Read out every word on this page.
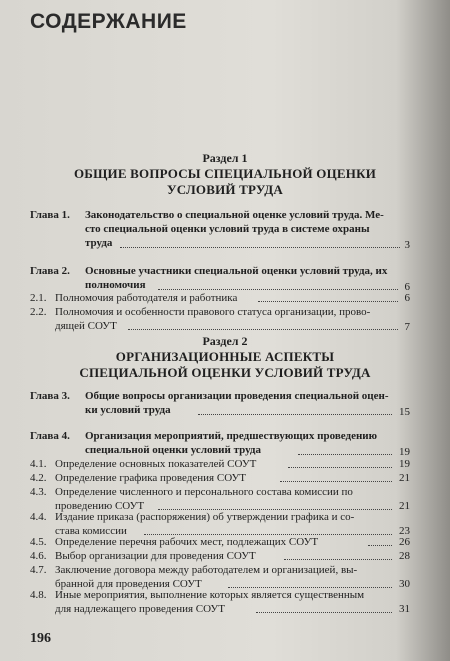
СОДЕРЖАНИЕ
Раздел 1
ОБЩИЕ ВОПРОСЫ СПЕЦИАЛЬНОЙ ОЦЕНКИ
УСЛОВИЙ ТРУДА
Глава 1. Законодательство о специальной оценке условий труда. Ме-
сто специальной оценки условий труда в системе охраны
труда	3
Глава 2. Основные участники специальной оценки условий труда, их
полномочия	6
2.1. Полномочия работодателя и работника	6
2.2. Полномочия и особенности правового статуса организации, прово-
дящей СОУТ	7
Раздел 2
ОРГАНИЗАЦИОННЫЕ АСПЕКТЫ
СПЕЦИАЛЬНОЙ ОЦЕНКИ УСЛОВИЙ ТРУДА
Глава 3. Общие вопросы организации проведения специальной оцен-
ки условий труда	15
Глава 4. Организация мероприятий, предшествующих проведению
специальной оценки условий труда	19
4.1. Определение основных показателей СОУТ	19
4.2. Определение графика проведения СОУТ	21
4.3. Определение численного и персонального состава комиссии по
проведению СОУТ	21
4.4. Издание приказа (распоряжения) об утверждении графика и со-
става комиссии	23
4.5. Определение перечня рабочих мест, подлежащих СОУТ	26
4.6. Выбор организации для проведения СОУТ	28
4.7. Заключение договора между работодателем и организацией, вы-
бранной для проведения СОУТ	30
4.8. Иные мероприятия, выполнение которых является существенным
для надлежащего проведения СОУТ	31
196
